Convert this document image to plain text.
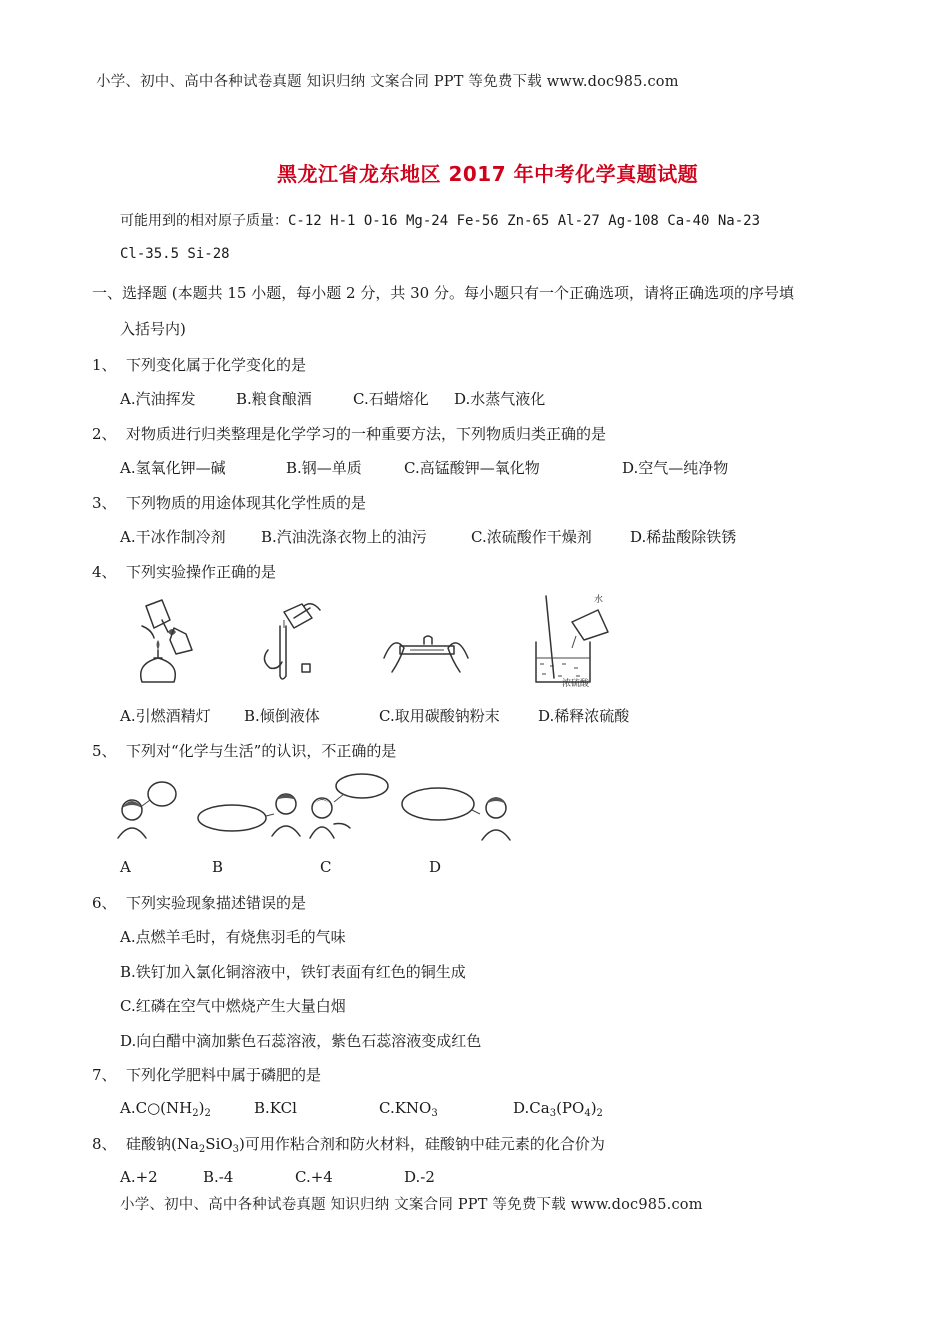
小学、初中、高中各种试卷真题 知识归纳 文案合同 PPT 等免费下载 www.doc985.com
黑龙江省龙东地区 2017 年中考化学真题试题
可能用到的相对原子质量：C-12 H-1 O-16 Mg-24 Fe-56 Zn-65 Al-27 Ag-108 Ca-40 Na-23
Cl-35.5 Si-28
一、选择题 (本题共 15 小题，每小题 2 分，共 30 分。每小题只有一个正确选项，请将正确选项的序号填
入括号内)
1、 下列变化属于化学变化的是
A.汽油挥发	B.粮食酿酒	C.石蜡熔化 D.水蒸气液化
2、 对物质进行归类整理是化学学习的一种重要方法，下列物质归类正确的是
A.氢氧化钾—碱	B.钢—单质	C.高锰酸钾—氧化物	D.空气—纯净物
3、 下列物质的用途体现其化学性质的是
A.干冰作制冷剂 B.汽油洗涤衣物上的油污	C.浓硫酸作干燥剂	D.稀盐酸除铁锈
4、 下列实验操作正确的是
水
浓硫酸
A.引燃酒精灯 B.倾倒液体	C.取用碳酸钠粉末	D.稀释浓硫酸
5、 下列对“化学与生活”的认识，不正确的是
A	B	C	D
6、 下列实验现象描述错误的是
A.点燃羊毛时，有烧焦羽毛的气味
B.铁钉加入氯化铜溶液中，铁钉表面有红色的铜生成
C.红磷在空气中燃烧产生大量白烟
D.向白醋中滴加紫色石蕊溶液，紫色石蕊溶液变成红色
7、 下列化学肥料中属于磷肥的是
$A.C○(NH_2)_2$	B.KCl	$C.KNO_3$	$D.Ca_3(PO_4)_2$
8、 硅酸钠$(Na_2SiO_3)$可用作粘合剂和防火材料，硅酸钠中硅元素的化合价为
A.+2	B.-4	C.+4	D.-2
小学、初中、高中各种试卷真题 知识归纳 文案合同 PPT 等免费下载 www.doc985.com
